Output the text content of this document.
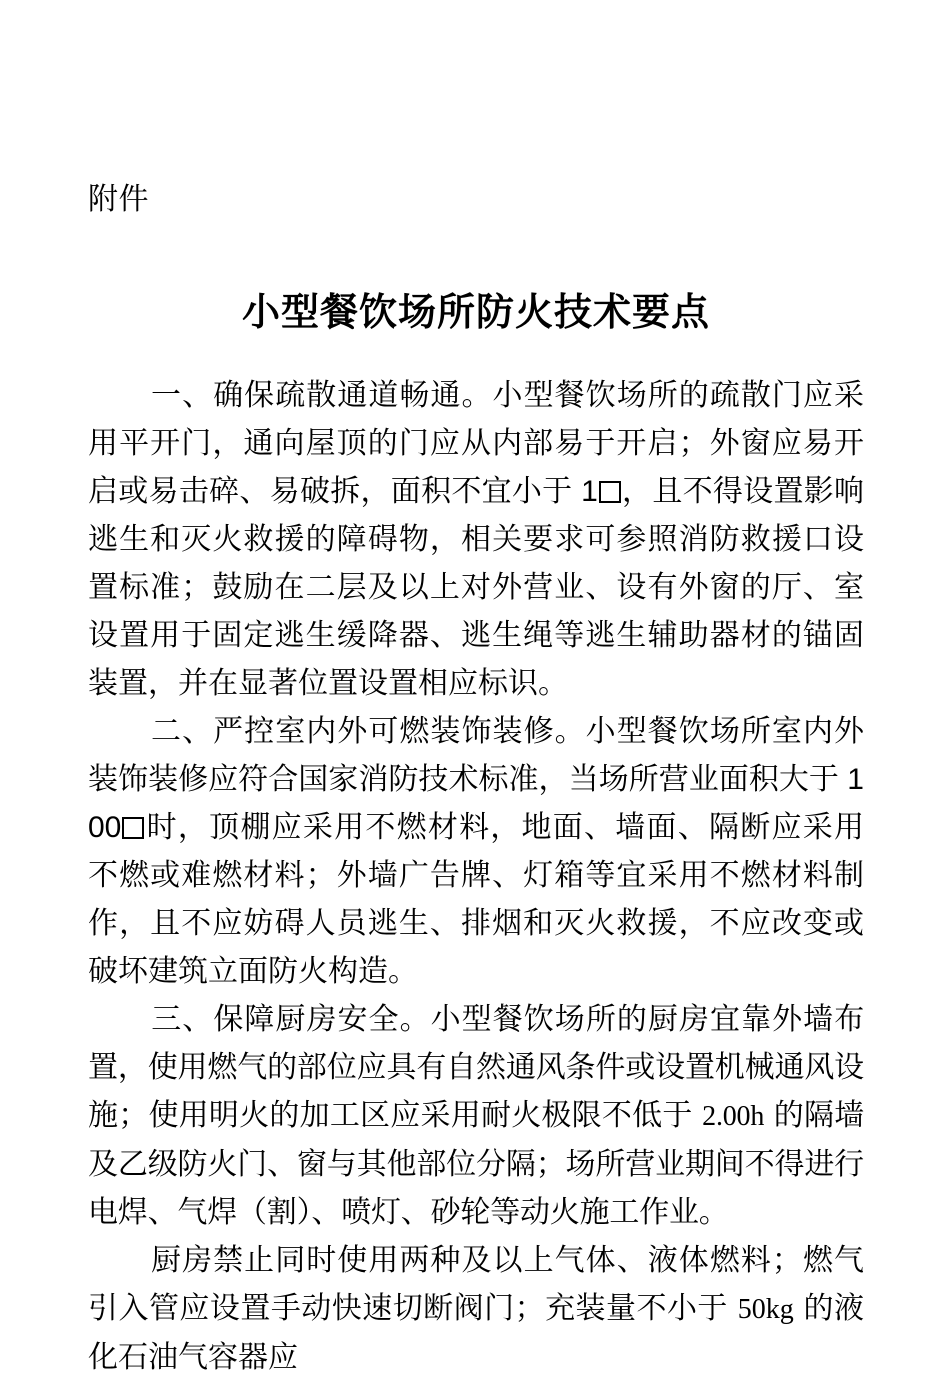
附件
小型餐饮场所防火技术要点

一、确保疏散通道畅通。小型餐饮场所的疏散门应采用平开门，通向屋顶的门应从内部易于开启；外窗应易开启或易击碎、易破拆，面积不宜小于 1 ，且不得设置影响逃生和灭火救援的障碍物，相关要求可参照消防救援口设置标准；鼓励在二层及以上对外营业、设有外窗的厅、室设置用于固定逃生缓降器、逃生绳等逃生辅助器材的锚固装置，并在显著位置设置相应标识。

二、严控室内外可燃装饰装修。小型餐饮场所室内外装饰装修应符合国家消防技术标准，当场所营业面积大于 100 时，顶棚应采用不燃材料，地面、墙面、隔断应采用不燃或难燃材料；外墙广告牌、灯箱等宜采用不燃材料制作，且不应妨碍人员逃生、排烟和灭火救援，不应改变或破坏建筑立面防火构造。

三、保障厨房安全。小型餐饮场所的厨房宜靠外墙布置，使用燃气的部位应具有自然通风条件或设置机械通风设施；使用明火的加工区应采用耐火极限不低于 2.00h 的隔墙及乙级防火门、窗与其他部位分隔；场所营业期间不得进行电焊、气焊（割）、喷灯、砂轮等动火施工作业。

厨房禁止同时使用两种及以上气体、液体燃料；燃气引入管应设置手动快速切断阀门；充装量不小于 50kg 的液化石油气容器应
